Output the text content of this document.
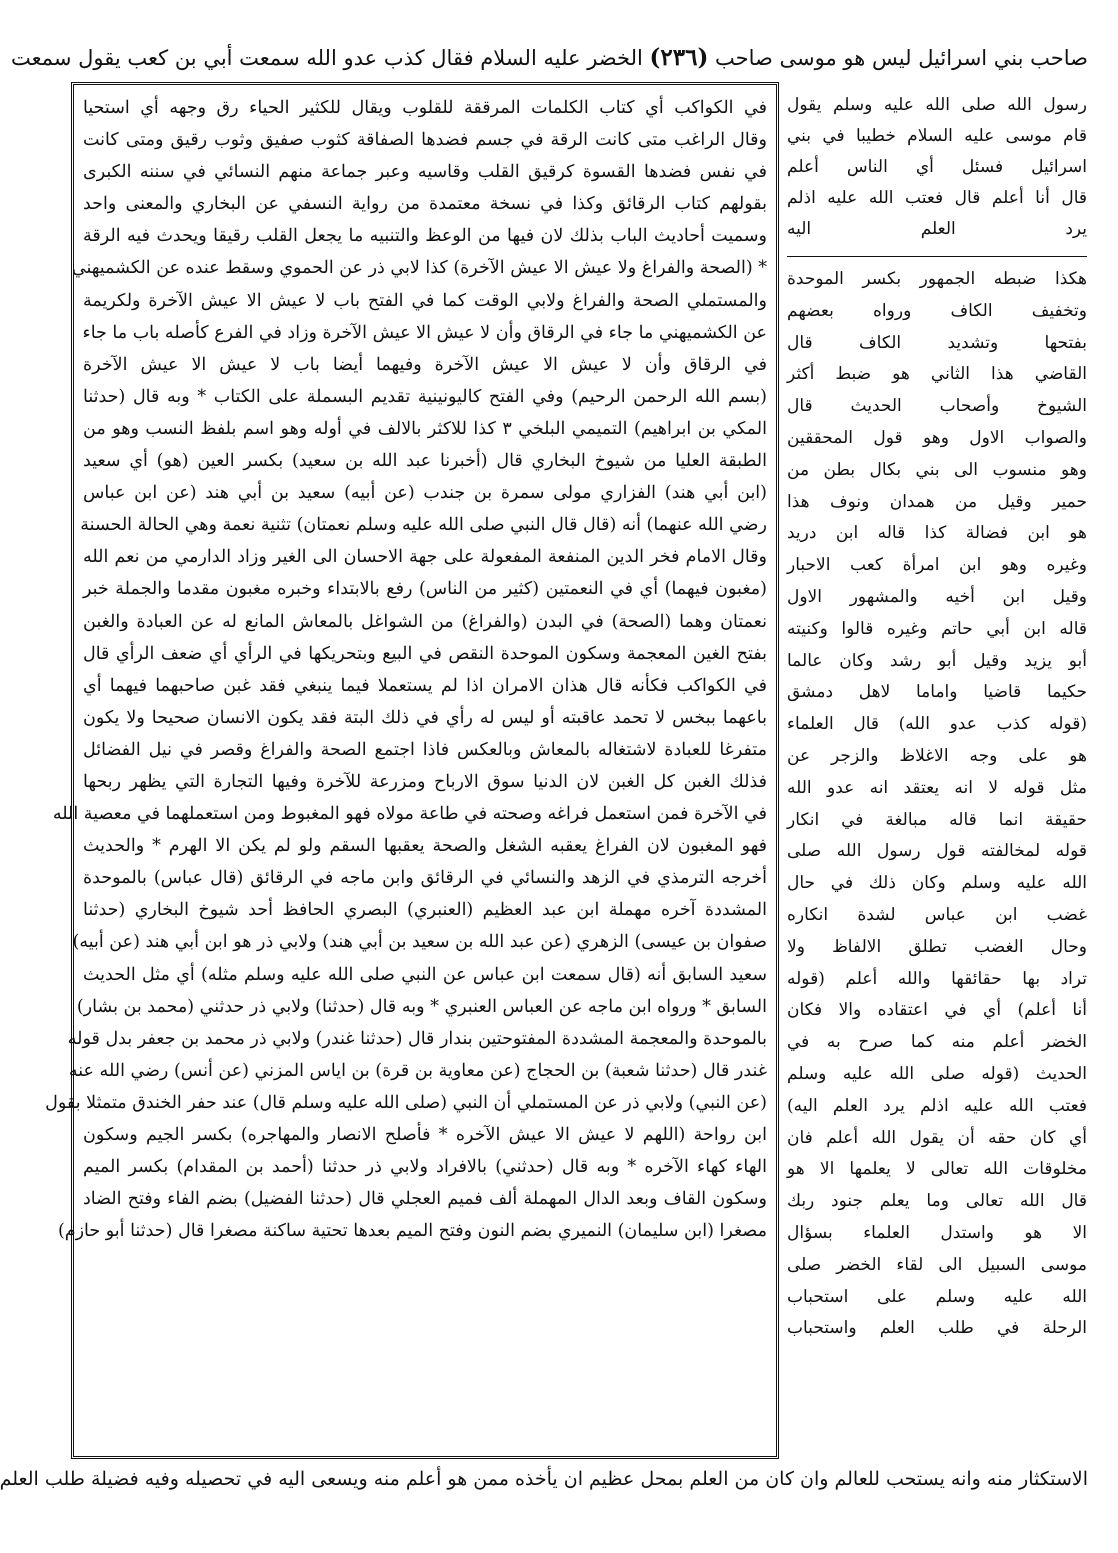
صاحب بني اسرائيل ليس هو موسى صاحب (٢٣٦) الخضر عليه السلام فقال كذب عدو الله سمعت أبي بن كعب يقول سمعت
في الكواكب أي كتاب الكلمات المرققة للقلوب ويقال للكثير الحياء رق وجهه أي استحيا
وقال الراغب متى كانت الرقة في جسم فضدها الصفاقة كثوب صفيق وثوب رقيق ومتى كانت
في نفس فضدها القسوة كرقيق القلب وقاسيه وعبر جماعة منهم النسائي في سننه الكبرى
بقولهم كتاب الرقائق وكذا في نسخة معتمدة من رواية النسفي عن البخاري والمعنى واحد
وسميت أحاديث الباب بذلك لان فيها من الوعظ والتنبيه ما يجعل القلب رقيقا ويحدث فيه الرقة
* (الصحة والفراغ ولا عيش الا عيش الآخرة) كذا لابي ذر عن الحموي وسقط عنده عن الكشميهني
والمستملي الصحة والفراغ ولابي الوقت كما في الفتح باب لا عيش الا عيش الآخرة ولكريمة
عن الكشميهني ما جاء في الرقاق وأن لا عيش الا عيش الآخرة وزاد في الفرع كأصله باب ما جاء
في الرقاق وأن لا عيش الا عيش الآخرة وفيهما أيضا باب لا عيش الا عيش الآخرة
(بسم الله الرحمن الرحيم) وفي الفتح كاليونينية تقديم البسملة على الكتاب * وبه قال (حدثنا
المكي بن ابراهيم) التميمي البلخي ٣ كذا للاكثر بالالف في أوله وهو اسم بلفظ النسب وهو من
الطبقة العليا من شيوخ البخاري قال (أخبرنا عبد الله بن سعيد) بكسر العين (هو) أي سعيد
(ابن أبي هند) الفزاري مولى سمرة بن جندب (عن أبيه) سعيد بن أبي هند (عن ابن عباس
رضي الله عنهما) أنه (قال قال النبي صلى الله عليه وسلم نعمتان) تثنية نعمة وهي الحالة الحسنة
وقال الامام فخر الدين المنفعة المفعولة على جهة الاحسان الى الغير وزاد الدارمي من نعم الله
(مغبون فيهما) أي في النعمتين (كثير من الناس) رفع بالابتداء وخبره مغبون مقدما والجملة خبر
نعمتان وهما (الصحة) في البدن (والفراغ) من الشواغل بالمعاش المانع له عن العبادة والغبن
بفتح الغين المعجمة وسكون الموحدة النقص في البيع وبتحريكها في الرأي أي ضعف الرأي قال
في الكواكب فكأنه قال هذان الامران اذا لم يستعملا فيما ينبغي فقد غبن صاحبهما فيهما أي
باعهما ببخس لا تحمد عاقبته أو ليس له رأي في ذلك البتة فقد يكون الانسان صحيحا ولا يكون
متفرغا للعبادة لاشتغاله بالمعاش وبالعكس فاذا اجتمع الصحة والفراغ وقصر في نيل الفضائل
فذلك الغبن كل الغبن لان الدنيا سوق الارباح ومزرعة للآخرة وفيها التجارة التي يظهر ربحها
في الآخرة فمن استعمل فراغه وصحته في طاعة مولاه فهو المغبوط ومن استعملهما في معصية الله
فهو المغبون لان الفراغ يعقبه الشغل والصحة يعقبها السقم ولو لم يكن الا الهرم * والحديث
أخرجه الترمذي في الزهد والنسائي في الرقائق وابن ماجه في الرقائق (قال عباس) بالموحدة
المشددة آخره مهملة ابن عبد العظيم (العنبري) البصري الحافظ أحد شيوخ البخاري (حدثنا
صفوان بن عيسى) الزهري (عن عبد الله بن سعيد بن أبي هند) ولابي ذر هو ابن أبي هند (عن أبيه)
سعيد السابق أنه (قال سمعت ابن عباس عن النبي صلى الله عليه وسلم مثله) أي مثل الحديث
السابق * ورواه ابن ماجه عن العباس العنبري * وبه قال (حدثنا) ولابي ذر حدثني (محمد بن بشار)
بالموحدة والمعجمة المشددة المفتوحتين بندار قال (حدثنا غندر) ولابي ذر محمد بن جعفر بدل قوله
غندر قال (حدثنا شعبة) بن الحجاج (عن معاوية بن قرة) بن اياس المزني (عن أنس) رضي الله عنه
(عن النبي) ولابي ذر عن المستملي أن النبي (صلى الله عليه وسلم قال) عند حفر الخندق متمثلا بقول
ابن رواحة (اللهم لا عيش الا عيش الآخره * فأصلح الانصار والمهاجره) بكسر الجيم وسكون
الهاء كهاء الآخره * وبه قال (حدثني) بالافراد ولابي ذر حدثنا (أحمد بن المقدام) بكسر الميم
وسكون القاف وبعد الدال المهملة ألف فميم العجلي قال (حدثنا الفضيل) بضم الفاء وفتح الضاد
مصغرا (ابن سليمان) النميري بضم النون وفتح الميم بعدها تحتية ساكنة مصغرا قال (حدثنا أبو حازم)
رسول الله صلى الله عليه وسلم يقول
قام موسى عليه السلام خطيبا في بني
اسرائيل فسئل أي الناس أعلم
قال أنا أعلم قال فعتب الله عليه اذلم
يرد العلم اليه
هكذا ضبطه الجمهور بكسر الموحدة
وتخفيف الكاف ورواه بعضهم
بفتحها وتشديد الكاف قال
القاضي هذا الثاني هو ضبط أكثر
الشيوخ وأصحاب الحديث قال
والصواب الاول وهو قول المحققين
وهو منسوب الى بني بكال بطن من
حمير وقيل من همدان ونوف هذا
هو ابن فضالة كذا قاله ابن دريد
وغيره وهو ابن امرأة كعب الاحبار
وقيل ابن أخيه والمشهور الاول
قاله ابن أبي حاتم وغيره قالوا وكنيته
أبو يزيد وقيل أبو رشد وكان عالما
حكيما قاضيا واماما لاهل دمشق
(قوله كذب عدو الله) قال العلماء
هو على وجه الاغلاظ والزجر عن
مثل قوله لا انه يعتقد انه عدو الله
حقيقة انما قاله مبالغة في انكار
قوله لمخالفته قول رسول الله صلى
الله عليه وسلم وكان ذلك في حال
غضب ابن عباس لشدة انكاره
وحال الغضب تطلق الالفاظ ولا
تراد بها حقائقها والله أعلم (قوله
أنا أعلم) أي في اعتقاده والا فكان
الخضر أعلم منه كما صرح به في
الحديث (قوله صلى الله عليه وسلم
فعتب الله عليه اذلم يرد العلم اليه)
أي كان حقه أن يقول الله أعلم فان
مخلوقات الله تعالى لا يعلمها الا هو
قال الله تعالى وما يعلم جنود ربك
الا هو واستدل العلماء بسؤال
موسى السبيل الى لقاء الخضر صلى
الله عليه وسلم على استحباب
الرحلة في طلب العلم واستحباب
الاستكثار منه وانه يستحب للعالم وان كان من العلم بمحل عظيم ان يأخذه ممن هو أعلم منه ويسعى اليه في تحصيله وفيه فضيلة طلب العلم
